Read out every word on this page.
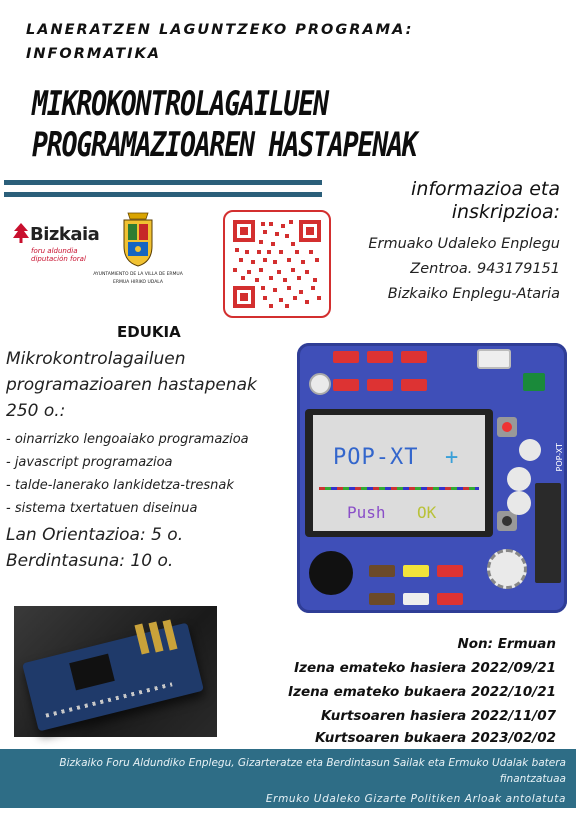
LANERATZEN LAGUNTZEKO PROGRAMA:
INFORMATIKA
MIKROKONTROLAGAILUEN
PROGRAMAZIOAREN HASTAPENAK
Bizkaia
foru aldundia
diputación foral
AYUNTAMIENTO DE LA VILLA DE ERMUA
ERMUA HIRIKO UDALA
informazioa eta
inskripzioa:
Ermuako Udaleko Enplegu
Zentroa. 943179151
Bizkaiko Enplegu-Ataria
EDUKIA
Mikrokontrolagailuen
programazioaren hastapenak
250 o.:
- oinarrizko lengoaiako programazioa
- javascript programazioa
- talde-lanerako lankidetza-tresnak
- sistema txertatuen diseinua
Lan Orientazioa: 5 o.
Berdintasuna: 10 o.
POP-XT +
Push OK
POP-XT
Non: Ermuan
Izena emateko hasiera 2022/09/21
Izena emateko bukaera 2022/10/21
Kurtsoaren hasiera 2022/11/07
Kurtsoaren bukaera 2023/02/02
Bizkaiko Foru Aldundiko Enplegu, Gizarteratze eta Berdintasun Sailak eta Ermuko Udalak batera
finantzatuaa
Ermuko Udaleko Gizarte Politiken Arloak antolatuta
